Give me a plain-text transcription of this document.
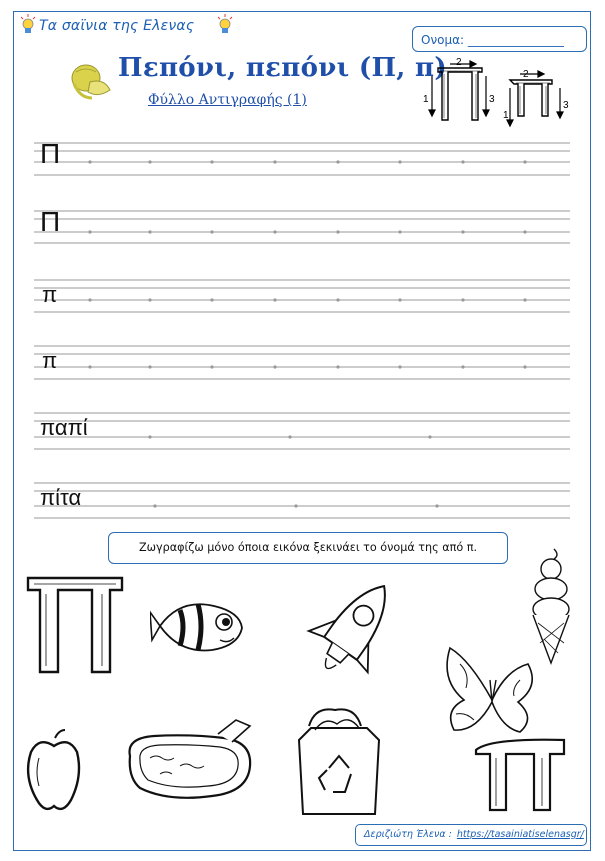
Τα σαϊνια της Ελενας
Ονομα: ________________
Πεπόνι, πεπόνι (Π, π)
Φύλλο Αντιγραφής (1)	1
2
3
1
2
3
Π
Π
π
π
παπί
πίτα
Ζωγραφίζω μόνο όποια εικόνα ξεκινάει το όνομά της από π.
Δεριζιώτη Έλενα : https://tasainiatiselenasgr/
